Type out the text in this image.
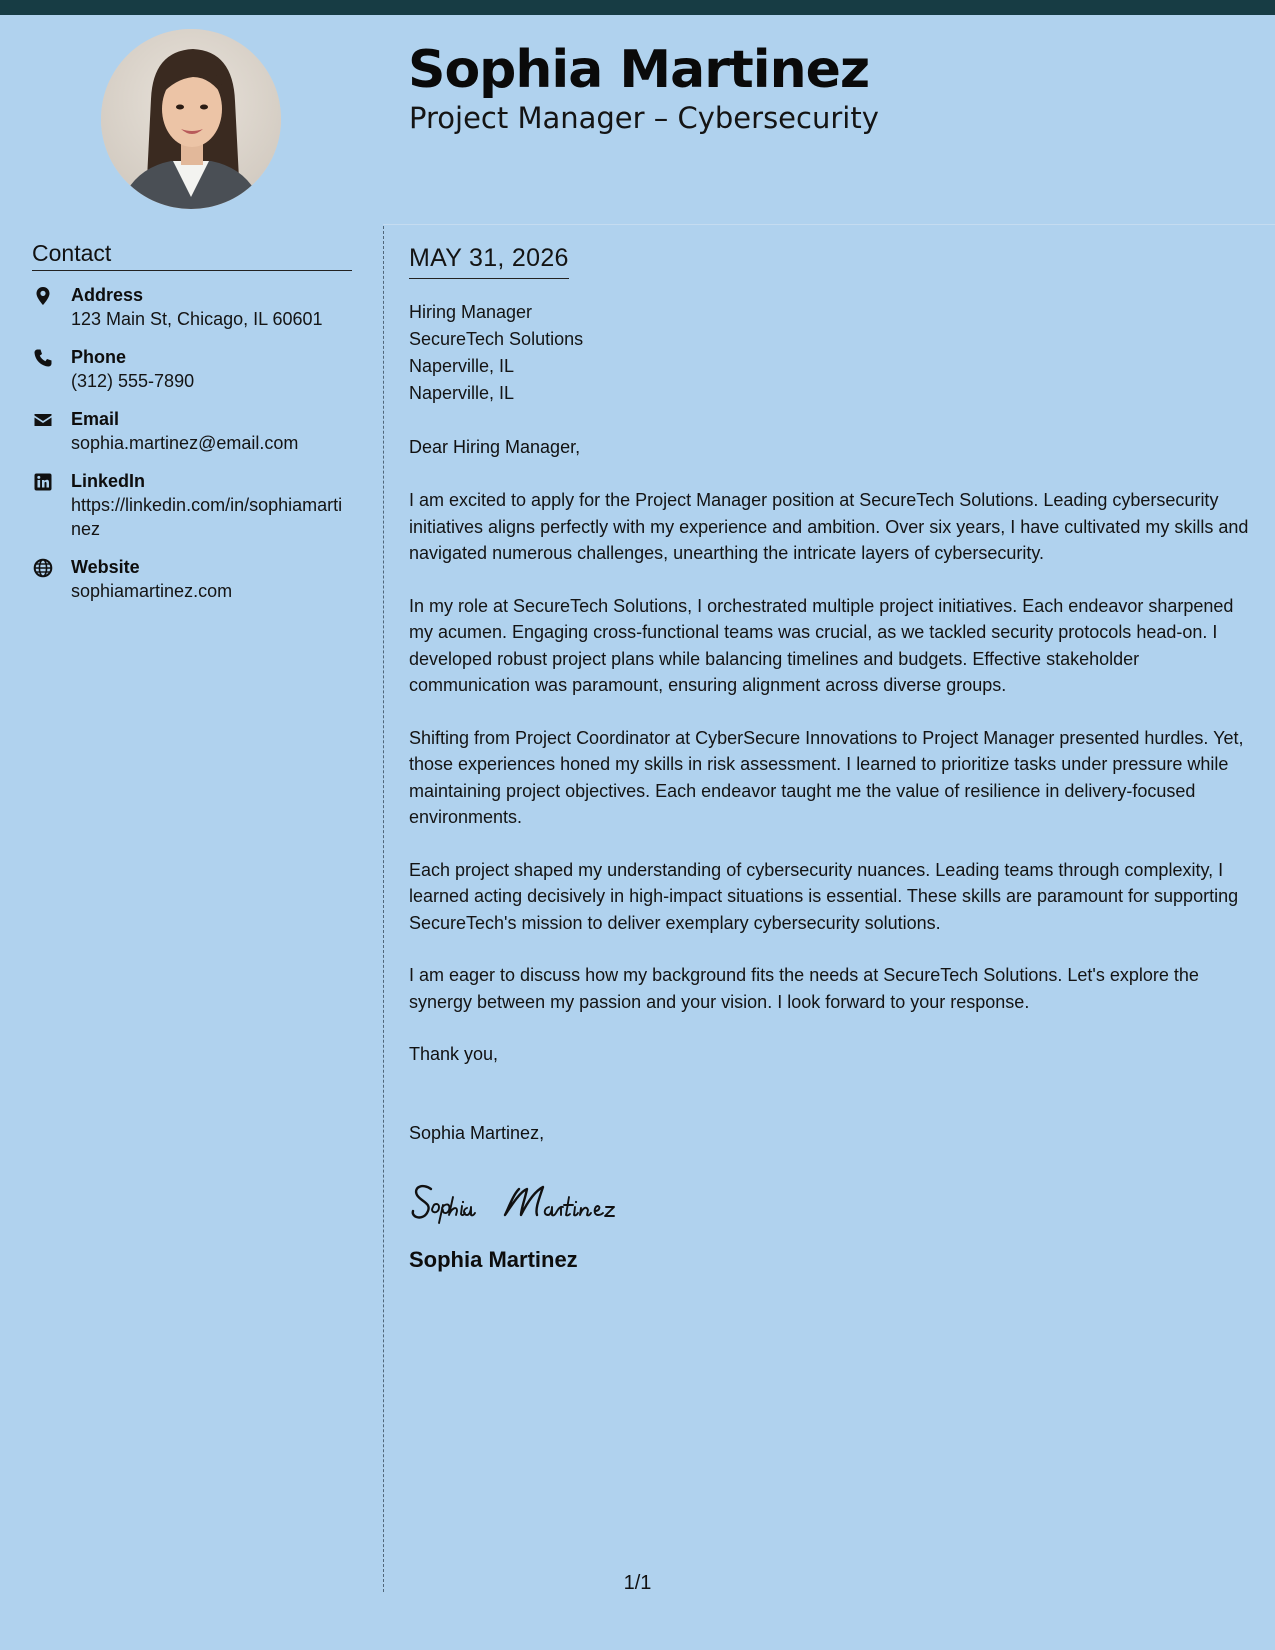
Sophia Martinez
Project Manager – Cybersecurity
Contact
Address
123 Main St, Chicago, IL 60601
Phone
(312) 555-7890
Email
sophia.martinez@email.com
LinkedIn
https://linkedin.com/in/sophiamartinez
Website
sophiamartinez.com
MAY 31, 2026
Hiring Manager
SecureTech Solutions
Naperville, IL
Naperville, IL
Dear Hiring Manager,
I am excited to apply for the Project Manager position at SecureTech Solutions. Leading cybersecurity initiatives aligns perfectly with my experience and ambition. Over six years, I have cultivated my skills and navigated numerous challenges, unearthing the intricate layers of cybersecurity.
In my role at SecureTech Solutions, I orchestrated multiple project initiatives. Each endeavor sharpened my acumen. Engaging cross-functional teams was crucial, as we tackled security protocols head-on. I developed robust project plans while balancing timelines and budgets. Effective stakeholder communication was paramount, ensuring alignment across diverse groups.
Shifting from Project Coordinator at CyberSecure Innovations to Project Manager presented hurdles. Yet, those experiences honed my skills in risk assessment. I learned to prioritize tasks under pressure while maintaining project objectives. Each endeavor taught me the value of resilience in delivery-focused environments.
Each project shaped my understanding of cybersecurity nuances. Leading teams through complexity, I learned acting decisively in high-impact situations is essential. These skills are paramount for supporting SecureTech's mission to deliver exemplary cybersecurity solutions.
I am eager to discuss how my background fits the needs at SecureTech Solutions. Let's explore the synergy between my passion and your vision. I look forward to your response.
Thank you,
Sophia Martinez,
Sophia Martinez
1/1
